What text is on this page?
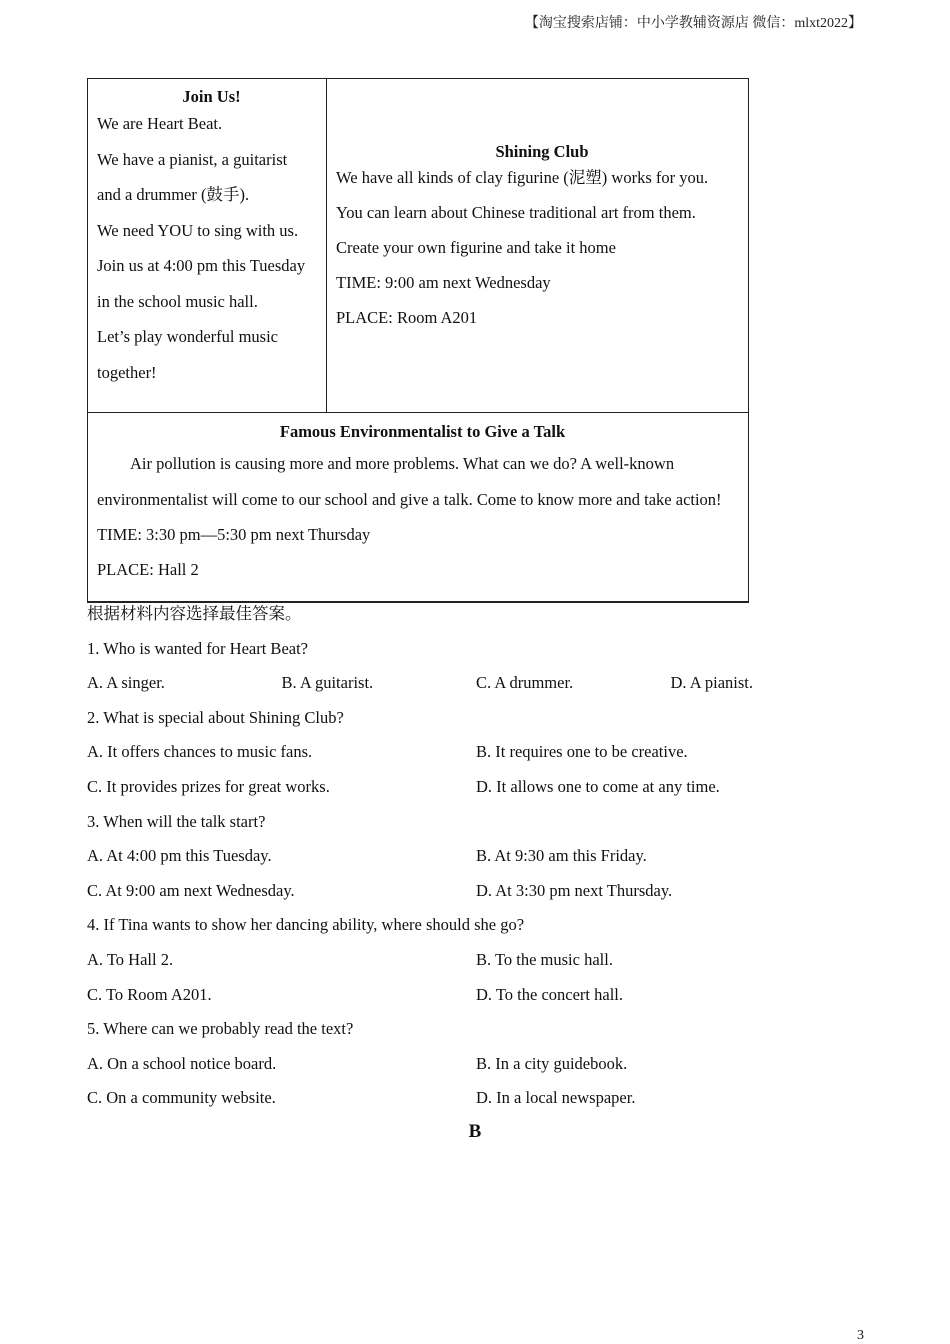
【淘宝搜索店铺：中小学教辅资源店 微信：mlxt2022】
Join Us!

We are Heart Beat.

We have a pianist, a guitarist

and a drummer (鼓手).

We need YOU to sing with us.

Join us at 4:00 pm this Tuesday

in the school music hall.

Let’s play wonderful music

together!

Shining Club

We have all kinds of clay figurine (泥塑) works for you.

You can learn about Chinese traditional art from them.

Create your own figurine and take it home

TIME: 9:00 am next Wednesday

PLACE: Room A201

Famous Environmentalist to Give a Talk

Air pollution is causing more and more problems. What can we do? A well-known

environmentalist will come to our school and give a talk. Come to know more and take action!

TIME: 3:30 pm—5:30 pm next Thursday

PLACE: Hall 2

根据材料内容选择最佳答案。
1. Who is wanted for Heart Beat?
A. A singer.	B. A guitarist.	C. A drummer.	D. A pianist.
2. What is special about Shining Club?
A. It offers chances to music fans.	B. It requires one to be creative.
C. It provides prizes for great works.	D. It allows one to come at any time.
3. When will the talk start?
A. At 4:00 pm this Tuesday.	B. At 9:30 am this Friday.
C. At 9:00 am next Wednesday.	D. At 3:30 pm next Thursday.
4. If Tina wants to show her dancing ability, where should she go?
A. To Hall 2.	B. To the music hall.
C. To Room A201.	D. To the concert hall.
5. Where can we probably read the text?
A. On a school notice board.	B. In a city guidebook.
C. On a community website.	D. In a local newspaper.
B
3
